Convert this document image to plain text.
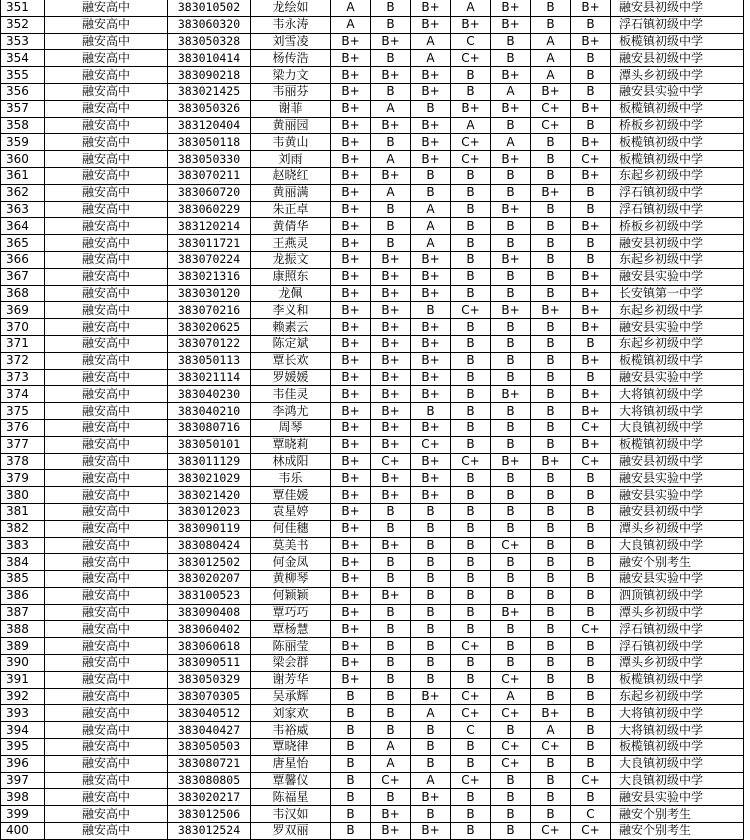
351	融安高中	383010502	龙绘如	A	B	B+	A	B+	B	B+	融安县初级中学
352	融安高中	383060320	韦永涛	A	B	B+	B+	B+	B	B	浮石镇初级中学
353	融安高中	383050328	刘雪凌	B+	B+	A	C	B	A	B+	板榄镇初级中学
354	融安高中	383010414	杨传浩	B+	B	A	C+	B	A	B	融安县初级中学
355	融安高中	383090218	梁力文	B+	B+	B+	B	B+	A	B	潭头乡初级中学
356	融安高中	383021425	韦丽芬	B+	B	B+	B	A	B+	B	融安县实验中学
357	融安高中	383050326	谢菲	B+	A	B	B+	B+	C+	B+	板榄镇初级中学
358	融安高中	383120404	黄丽园	B+	B+	B+	A	B	C+	B	桥板乡初级中学
359	融安高中	383050118	韦黄山	B+	B	B+	C+	A	B	B+	板榄镇初级中学
360	融安高中	383050330	刘雨	B+	A	B+	C+	B+	B	C+	板榄镇初级中学
361	融安高中	383070211	赵晓红	B+	B+	B	B	B	B	B+	东起乡初级中学
362	融安高中	383060720	黄丽满	B+	A	B	B	B	B+	B	浮石镇初级中学
363	融安高中	383060229	朱正卓	B+	B	A	B	B+	B	B	浮石镇初级中学
364	融安高中	383120214	黄倩华	B+	B	A	B	B	B	B+	桥板乡初级中学
365	融安高中	383011721	王燕灵	B+	B	A	B	B	B	B	融安县初级中学
366	融安高中	383070224	龙振文	B+	B+	B+	B	B+	B	B	东起乡初级中学
367	融安高中	383021316	康照东	B+	B+	B+	B	B	B	B+	融安县实验中学
368	融安高中	383030120	龙佩	B+	B+	B+	B	B	B	B+	长安镇第一中学
369	融安高中	383070216	李义和	B+	B+	B	C+	B+	B+	B+	东起乡初级中学
370	融安高中	383020625	赖素云	B+	B+	B+	B	B	B	B+	融安县实验中学
371	融安高中	383070122	陈定斌	B+	B+	B+	B	B	B	B	东起乡初级中学
372	融安高中	383050113	覃长欢	B+	B+	B+	B	B	B	B+	板榄镇初级中学
373	融安高中	383021114	罗媛媛	B+	B+	B+	B	B	B	B	融安县实验中学
374	融安高中	383040230	韦佳灵	B+	B+	B+	B	B+	B	B+	大将镇初级中学
375	融安高中	383040210	李鸿尤	B+	B+	B	B	B	B	B+	大将镇初级中学
376	融安高中	383080716	周琴	B+	B+	B+	B	B	B	C+	大良镇初级中学
377	融安高中	383050101	覃晓莉	B+	B+	C+	B	B	B	B+	板榄镇初级中学
378	融安高中	383011129	林成阳	B+	C+	B+	C+	B+	B+	C+	融安县初级中学
379	融安高中	383021029	韦乐	B+	B+	B+	B	B	B	B	融安县实验中学
380	融安高中	383021420	覃佳媛	B+	B+	B+	B	B	B	B	融安县实验中学
381	融安高中	383012023	袁星婷	B+	B	B	B	B	B	B	融安县初级中学
382	融安高中	383090119	何佳穗	B+	B	B	B	B	B	B	潭头乡初级中学
383	融安高中	383080424	莫美书	B+	B+	B	B	C+	B	B	大良镇初级中学
384	融安高中	383012502	何金凤	B+	B	B	B	B	B	B	融安个别考生
385	融安高中	383020207	黄柳琴	B+	B	B	B	B	B	B	融安县实验中学
386	融安高中	383100523	何颖颖	B+	B+	B	B	B	B	B	泗顶镇初级中学
387	融安高中	383090408	覃巧巧	B+	B	B	B	B+	B	B	潭头乡初级中学
388	融安高中	383060402	覃杨慧	B+	B	B	B	B	B	C+	浮石镇初级中学
389	融安高中	383060618	陈丽莹	B+	B	B	C+	B	B	B	浮石镇初级中学
390	融安高中	383090511	梁会群	B+	B	B	B	B	B	B	潭头乡初级中学
391	融安高中	383050329	谢芳华	B+	B	B	B	C+	B	B	板榄镇初级中学
392	融安高中	383070305	吴承辉	B	B	B+	C+	A	B	B	东起乡初级中学
393	融安高中	383040512	刘家欢	B	B	A	C+	C+	B+	B	大将镇初级中学
394	融安高中	383040427	韦裕威	B	B	B	C	B	A	B	大将镇初级中学
395	融安高中	383050503	覃晓律	B	A	B	B	C+	C+	B	板榄镇初级中学
396	融安高中	383080721	唐星怡	B	A	B	B	C+	B	B	大良镇初级中学
397	融安高中	383080805	覃馨仪	B	C+	A	C+	B	B	C+	大良镇初级中学
398	融安高中	383020217	陈福星	B	B	B+	B	B	B	B	融安县实验中学
399	融安高中	383012506	韦汉如	B	B+	B	B	B	B	C	融安个别考生
400	融安高中	383012524	罗双丽	B	B+	B+	B	B	C+	C+	融安个别考生
